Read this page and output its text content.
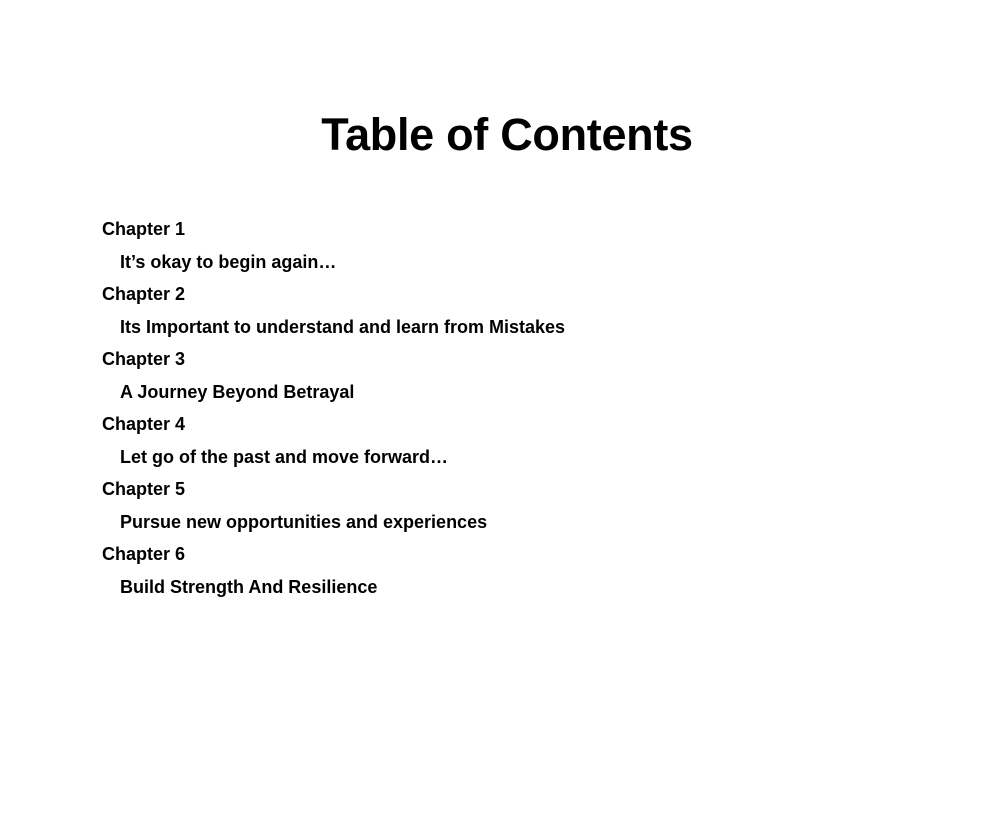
Table of Contents
Chapter 1
It’s okay to begin again…
Chapter 2
Its Important to understand and learn from Mistakes
Chapter 3
A Journey Beyond Betrayal
Chapter 4
Let go of the past and move forward…
Chapter 5
Pursue new opportunities and experiences
Chapter 6
Build Strength And Resilience
